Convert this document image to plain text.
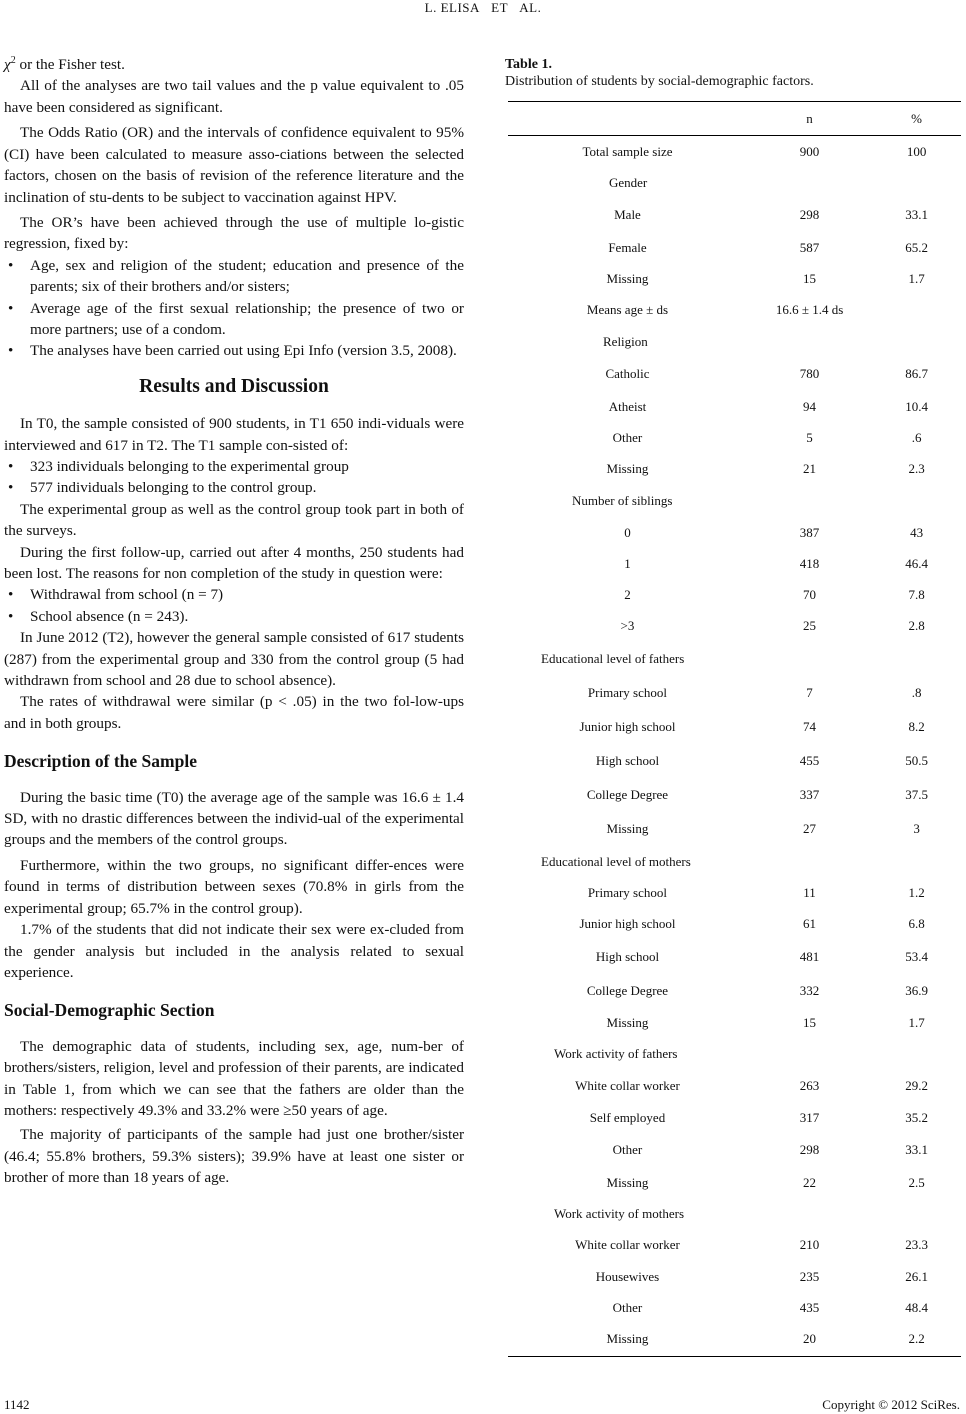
L. ELISA   ET   AL.

$\chi^2$ or the Fisher test.

All of the analyses are two tail values and the p value equivalent to .05 have been considered as significant.

The Odds Ratio (OR) and the intervals of confidence equivalent to 95% (CI) have been calculated to measure asso-ciations between the selected factors, chosen on the basis of revision of the reference literature and the inclination of stu-dents to be subject to vaccination against HPV.

The OR’s have been achieved through the use of multiple lo-gistic regression, fixed by:

• Age, sex and religion of the student; education and presence of the parents; six of their brothers and/or sisters;
• Average age of the first sexual relationship; the presence of two or more partners; use of a condom.
• The analyses have been carried out using Epi Info (version 3.5, 2008).
Results and Discussion

In T0, the sample consisted of 900 students, in T1 650 indi-viduals were interviewed and 617 in T2. The T1 sample con-sisted of:

• 323 individuals belonging to the experimental group
• 577 individuals belonging to the control group.

The experimental group as well as the control group took part in both of the surveys.

During the first follow-up, carried out after 4 months, 250 students had been lost. The reasons for non completion of the study in question were:

• Withdrawal from school (n = 7)
• School absence (n = 243).

In June 2012 (T2), however the general sample consisted of 617 students (287) from the experimental group and 330 from the control group (5 had withdrawn from school and 28 due to school absence).

The rates of withdrawal were similar (p < .05) in the two fol-low-ups and in both groups.

Description of the Sample

During the basic time (T0) the average age of the sample was 16.6 ± 1.4 SD, with no drastic differences between the individ-ual of the experimental groups and the members of the control groups.

Furthermore, within the two groups, no significant differ-ences were found in terms of distribution between sexes (70.8% in girls from the experimental group; 65.7% in the control group).

1.7% of the students that did not indicate their sex were ex-cluded from the gender analysis but included in the analysis related to sexual experience.

Social-Demographic Section

The demographic data of students, including sex, age, num-ber of brothers/sisters, religion, level and profession of their parents, are indicated in Table 1, from which we can see that the fathers are older than the mothers: respectively 49.3% and 33.2% were ≥50 years of age.

The majority of participants of the sample had just one brother/sister (46.4; 55.8% brothers, 59.3% sisters); 39.9% have at least one sister or brother of more than 18 years of age.

Table 1.
Distribution of students by social-demographic factors.
	n	%
Total sample size	900	100
Gender		
Male	298	33.1
Female	587	65.2
Missing	15	1.7
Means age ± ds	16.6 ± 1.4 ds	
Religion		
Catholic	780	86.7
Atheist	94	10.4
Other	5	.6
Missing	21	2.3
Number of siblings		
0	387	43
1	418	46.4
2	70	7.8
>3	25	2.8
Educational level of fathers		
Primary school	7	.8
Junior high school	74	8.2
High school	455	50.5
College Degree	337	37.5
Missing	27	3
Educational level of mothers		
Primary school	11	1.2
Junior high school	61	6.8
High school	481	53.4
College Degree	332	36.9
Missing	15	1.7
Work activity of fathers		
White collar worker	263	29.2
Self employed	317	35.2
Other	298	33.1
Missing	22	2.5
Work activity of mothers		
White collar worker	210	23.3
Housewives	235	26.1
Other	435	48.4
Missing	20	2.2
1142	Copyright © 2012 SciRes.
